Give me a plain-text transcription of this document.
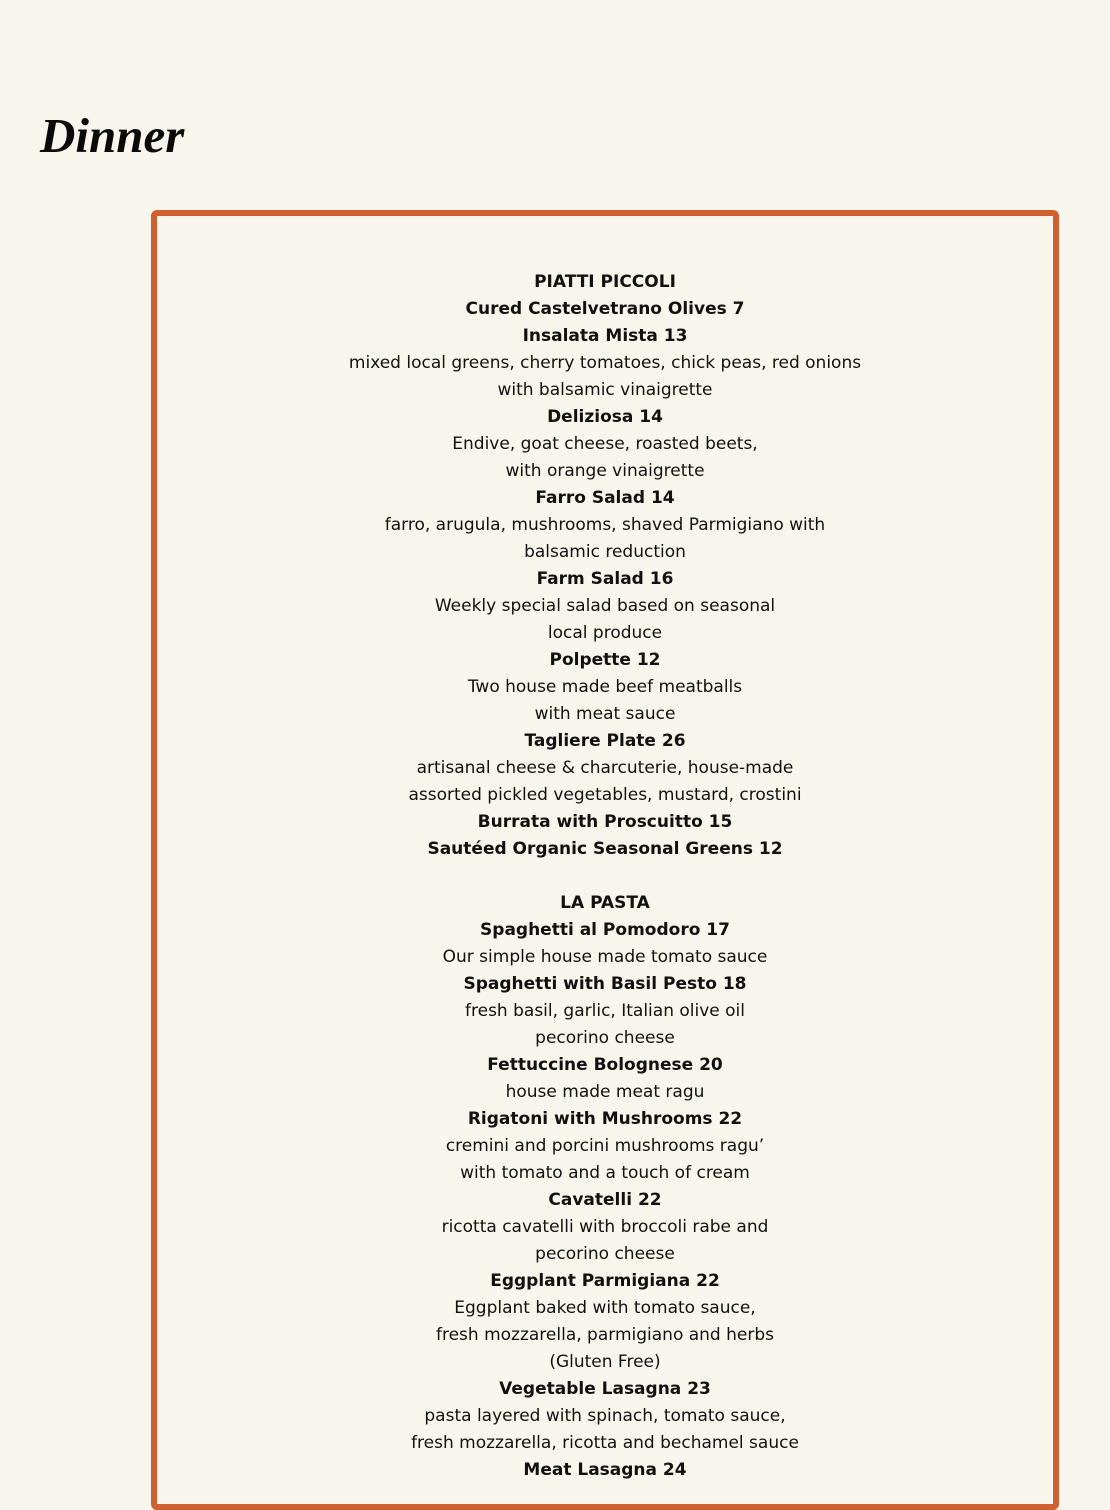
Dinner
PIATTI PICCOLI
Cured Castelvetrano Olives 7
Insalata Mista 13
mixed local greens, cherry tomatoes, chick peas, red onions
with balsamic vinaigrette
Deliziosa 14
Endive, goat cheese, roasted beets,
with orange vinaigrette
Farro Salad 14
farro, arugula, mushrooms, shaved Parmigiano with
balsamic reduction
Farm Salad 16
Weekly special salad based on seasonal
local produce
Polpette 12
Two house made beef meatballs
with meat sauce
Tagliere Plate 26
artisanal cheese & charcuterie, house-made
assorted pickled vegetables, mustard, crostini
Burrata with Proscuitto 15
Sautéed Organic Seasonal Greens 12
LA PASTA
Spaghetti al Pomodoro 17
Our simple house made tomato sauce
Spaghetti with Basil Pesto 18
fresh basil, garlic, Italian olive oil
pecorino cheese
Fettuccine Bolognese 20
house made meat ragu
Rigatoni with Mushrooms 22
cremini and porcini mushrooms ragu’
with tomato and a touch of cream
Cavatelli 22
ricotta cavatelli with broccoli rabe and
pecorino cheese
Eggplant Parmigiana 22
Eggplant baked with tomato sauce,
fresh mozzarella, parmigiano and herbs
(Gluten Free)
Vegetable Lasagna 23
pasta layered with spinach, tomato sauce,
fresh mozzarella, ricotta and bechamel sauce
Meat Lasagna 24
